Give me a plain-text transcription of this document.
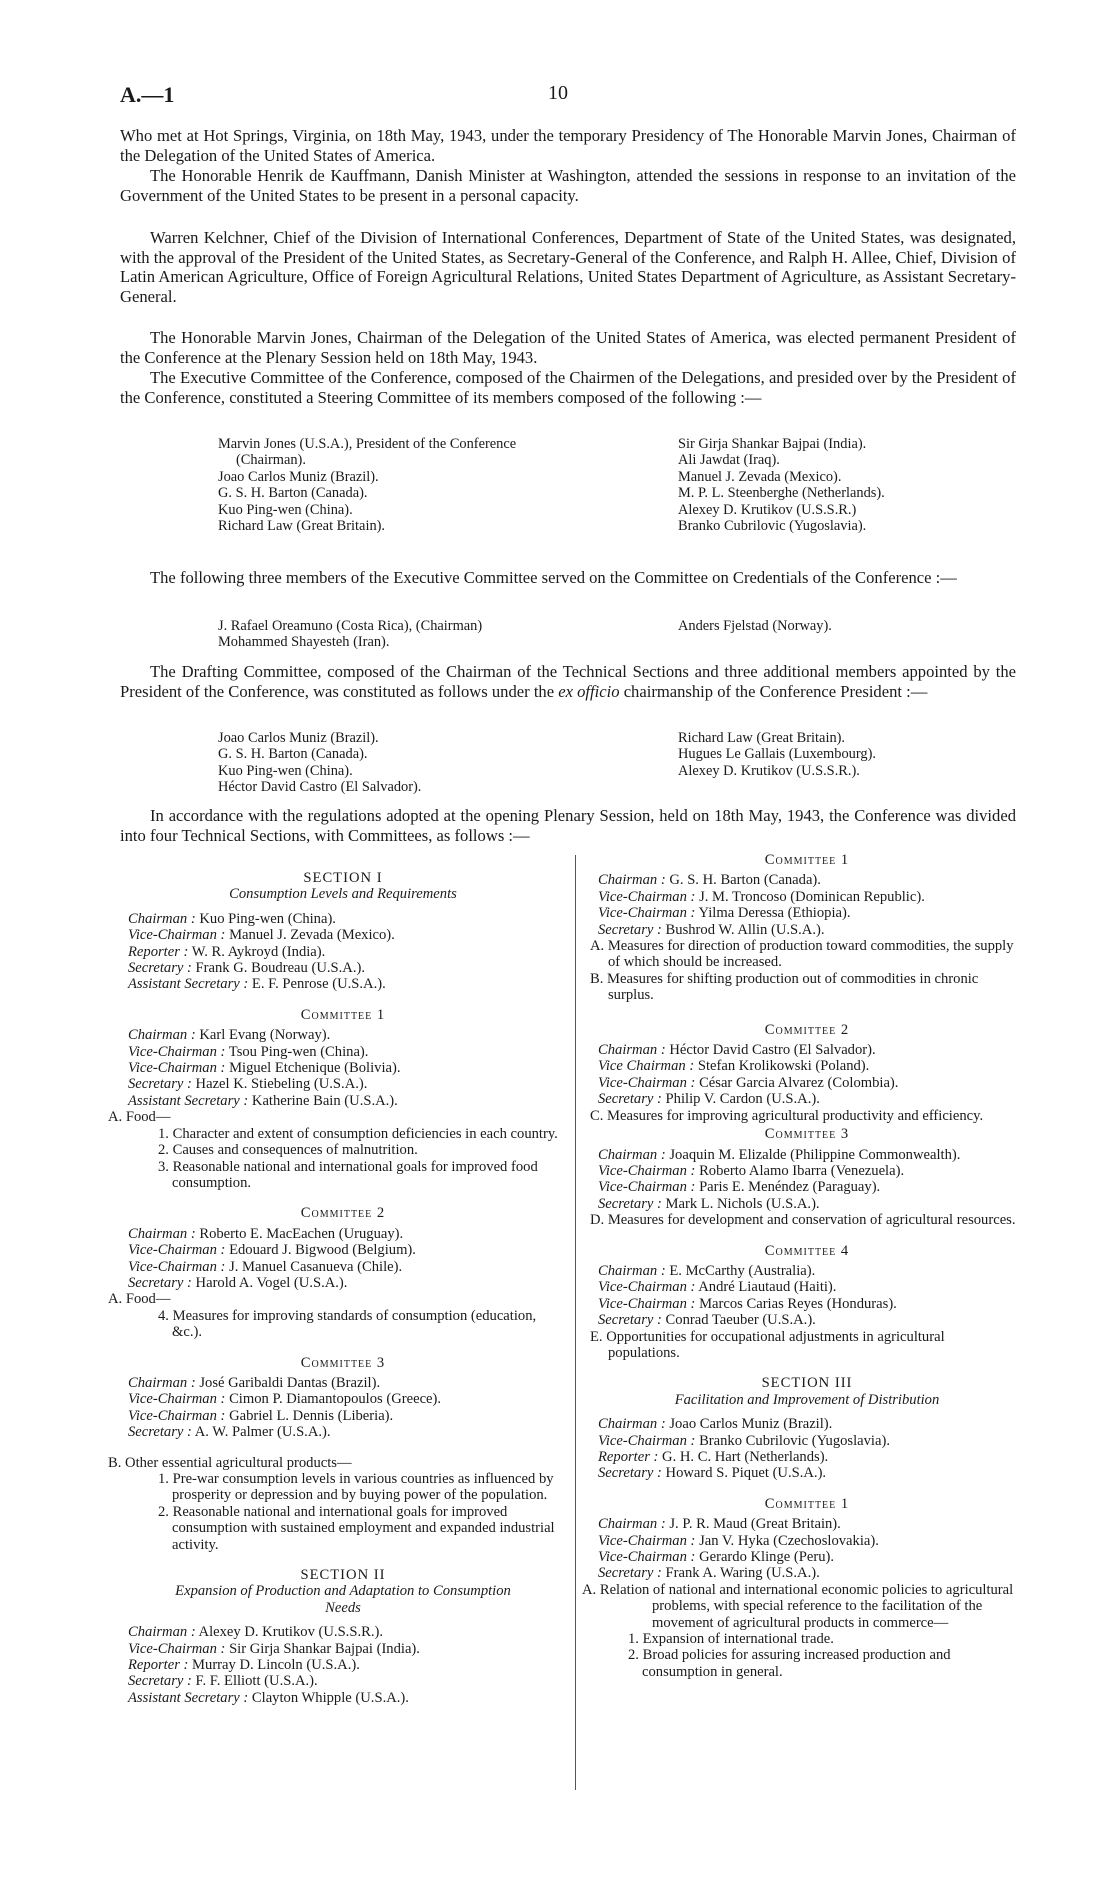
A.—1	10

Who met at Hot Springs, Virginia, on 18th May, 1943, under the temporary Presidency of The Honorable Marvin Jones, Chairman of the Delegation of the United States of America.

The Honorable Henrik de Kauffmann, Danish Minister at Washington, attended the sessions in response to an invitation of the Government of the United States to be present in a personal capacity.

Warren Kelchner, Chief of the Division of International Conferences, Department of State of the United States, was designated, with the approval of the President of the United States, as Secretary-General of the Conference, and Ralph H. Allee, Chief, Division of Latin American Agriculture, Office of Foreign Agricultural Relations, United States Department of Agriculture, as Assistant Secretary-General.

The Honorable Marvin Jones, Chairman of the Delegation of the United States of America, was elected permanent President of the Conference at the Plenary Session held on 18th May, 1943.

The Executive Committee of the Conference, composed of the Chairmen of the Delegations, and presided over by the President of the Conference, constituted a Steering Committee of its members composed of the following :—

Marvin Jones (U.S.A.), President of the Conference (Chairman).
Joao Carlos Muniz (Brazil).
G. S. H. Barton (Canada).
Kuo Ping-wen (China).
Richard Law (Great Britain).
Sir Girja Shankar Bajpai (India).
Ali Jawdat (Iraq).
Manuel J. Zevada (Mexico).
M. P. L. Steenberghe (Netherlands).
Alexey D. Krutikov (U.S.S.R.)
Branko Cubrilovic (Yugoslavia).

The following three members of the Executive Committee served on the Committee on Credentials of the Conference :—

J. Rafael Oreamuno (Costa Rica), (Chairman)
Mohammed Shayesteh (Iran).
Anders Fjelstad (Norway).

The Drafting Committee, composed of the Chairman of the Technical Sections and three additional members appointed by the President of the Conference, was constituted as follows under the ex officio chairmanship of the Conference President :—

Joao Carlos Muniz (Brazil).
G. S. H. Barton (Canada).
Kuo Ping-wen (China).
Héctor David Castro (El Salvador).
Richard Law (Great Britain).
Hugues Le Gallais (Luxembourg).
Alexey D. Krutikov (U.S.S.R.).

In accordance with the regulations adopted at the opening Plenary Session, held on 18th May, 1943, the Conference was divided into four Technical Sections, with Committees, as follows :—

SECTION I
Consumption Levels and Requirements
Chairman : Kuo Ping-wen (China).
Vice-Chairman : Manuel J. Zevada (Mexico).
Reporter : W. R. Aykroyd (India).
Secretary : Frank G. Boudreau (U.S.A.).
Assistant Secretary : E. F. Penrose (U.S.A.).
Committee 1
Chairman : Karl Evang (Norway).
Vice-Chairman : Tsou Ping-wen (China).
Vice-Chairman : Miguel Etchenique (Bolivia).
Secretary : Hazel K. Stiebeling (U.S.A.).
Assistant Secretary : Katherine Bain (U.S.A.).
A. Food—
1. Character and extent of consumption deficiencies in each country.
2. Causes and consequences of malnutrition.
3. Reasonable national and international goals for improved food consumption.
Committee 2
Chairman : Roberto E. MacEachen (Uruguay).
Vice-Chairman : Edouard J. Bigwood (Belgium).
Vice-Chairman : J. Manuel Casanueva (Chile).
Secretary : Harold A. Vogel (U.S.A.).
A. Food—
4. Measures for improving standards of consumption (education, &c.).
Committee 3
Chairman : José Garibaldi Dantas (Brazil).
Vice-Chairman : Cimon P. Diamantopoulos (Greece).
Vice-Chairman : Gabriel L. Dennis (Liberia).
Secretary : A. W. Palmer (U.S.A.).
B. Other essential agricultural products—
1. Pre-war consumption levels in various countries as influenced by prosperity or depression and by buying power of the population.
2. Reasonable national and international goals for improved consumption with sustained employment and expanded industrial activity.
SECTION II
Expansion of Production and Adaptation to Consumption Needs
Chairman : Alexey D. Krutikov (U.S.S.R.).
Vice-Chairman : Sir Girja Shankar Bajpai (India).
Reporter : Murray D. Lincoln (U.S.A.).
Secretary : F. F. Elliott (U.S.A.).
Assistant Secretary : Clayton Whipple (U.S.A.).
Committee 1
Chairman : G. S. H. Barton (Canada).
Vice-Chairman : J. M. Troncoso (Dominican Republic).
Vice-Chairman : Yilma Deressa (Ethiopia).
Secretary : Bushrod W. Allin (U.S.A.).
A. Measures for direction of production toward commodities, the supply of which should be increased.
B. Measures for shifting production out of commodities in chronic surplus.
Committee 2
Chairman : Héctor David Castro (El Salvador).
Vice Chairman : Stefan Krolikowski (Poland).
Vice-Chairman : César Garcia Alvarez (Colombia).
Secretary : Philip V. Cardon (U.S.A.).
C. Measures for improving agricultural productivity and efficiency.
Committee 3
Chairman : Joaquin M. Elizalde (Philippine Commonwealth).
Vice-Chairman : Roberto Alamo Ibarra (Venezuela).
Vice-Chairman : Paris E. Menéndez (Paraguay).
Secretary : Mark L. Nichols (U.S.A.).
D. Measures for development and conservation of agricultural resources.
Committee 4
Chairman : E. McCarthy (Australia).
Vice-Chairman : André Liautaud (Haiti).
Vice-Chairman : Marcos Carias Reyes (Honduras).
Secretary : Conrad Taeuber (U.S.A.).
E. Opportunities for occupational adjustments in agricultural populations.
SECTION III
Facilitation and Improvement of Distribution
Chairman : Joao Carlos Muniz (Brazil).
Vice-Chairman : Branko Cubrilovic (Yugoslavia).
Reporter : G. H. C. Hart (Netherlands).
Secretary : Howard S. Piquet (U.S.A.).
Committee 1
Chairman : J. P. R. Maud (Great Britain).
Vice-Chairman : Jan V. Hyka (Czechoslovakia).
Vice-Chairman : Gerardo Klinge (Peru).
Secretary : Frank A. Waring (U.S.A.).
A. Relation of national and international economic policies to agricultural problems, with special reference to the facilitation of the movement of agricultural products in commerce—
1. Expansion of international trade.
2. Broad policies for assuring increased production and consumption in general.
